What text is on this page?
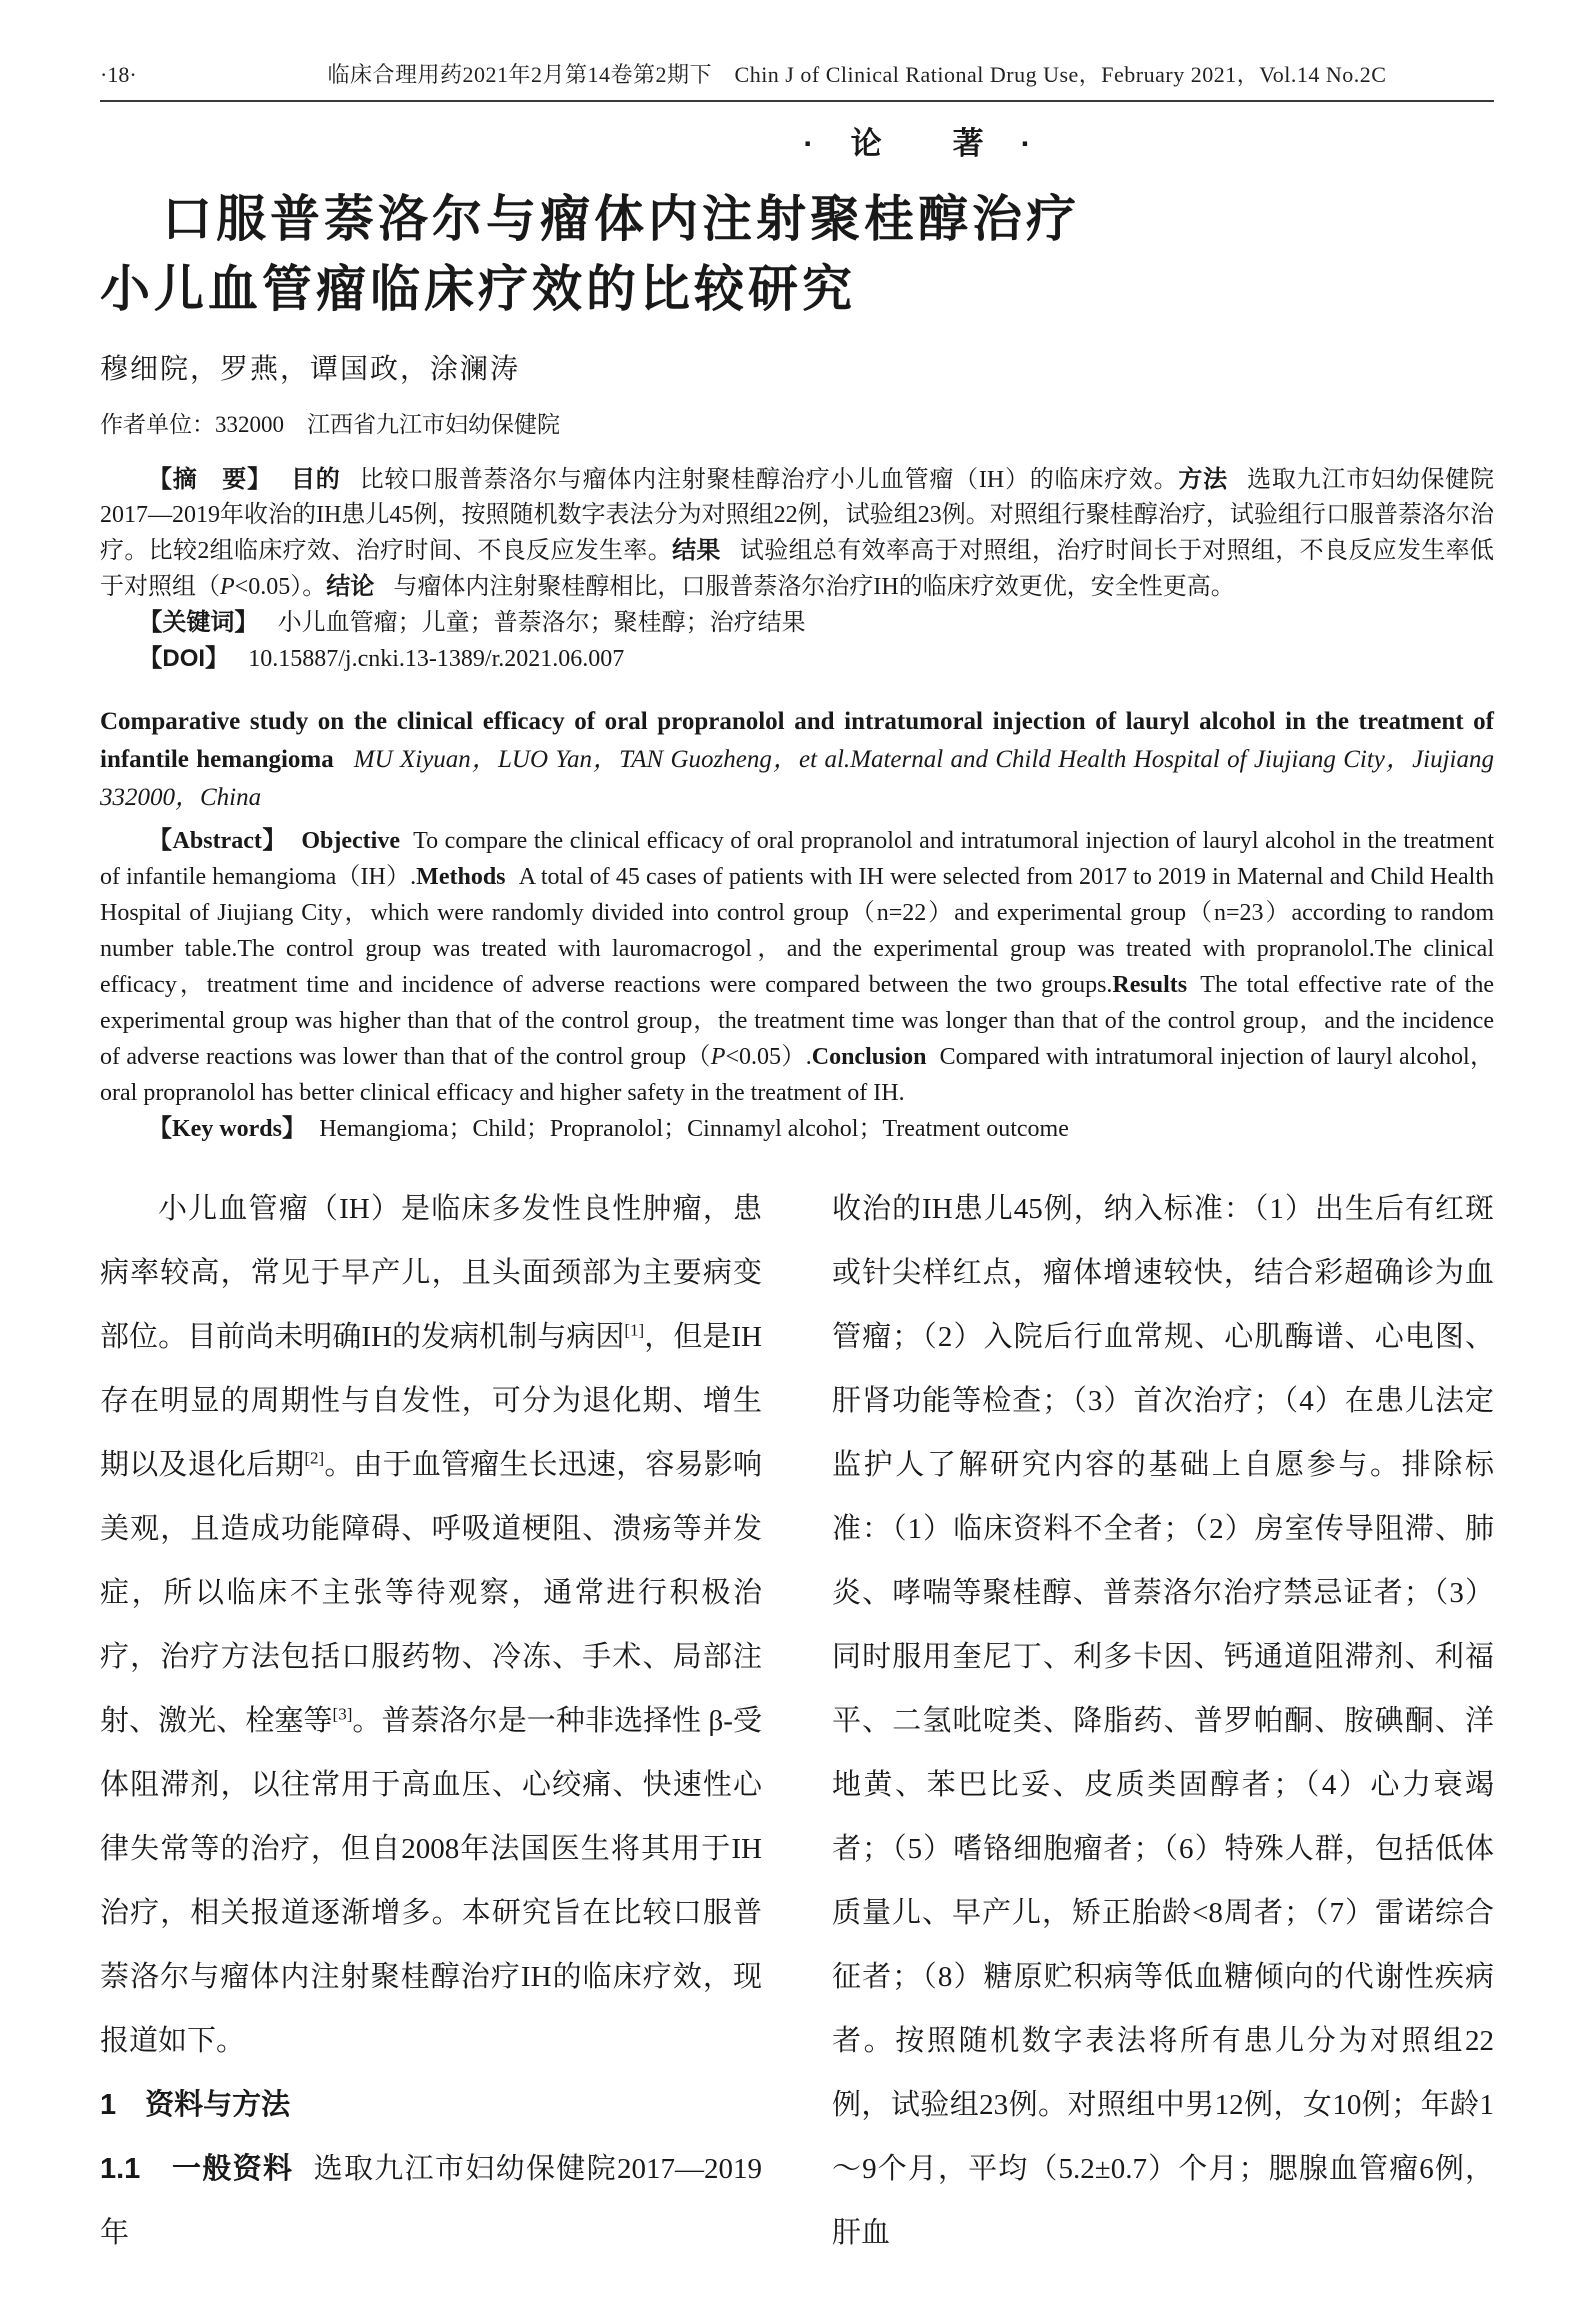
·18·	临床合理用药2021年2月第14卷第2期下　Chin J of Clinical Rational Drug Use，February 2021，Vol.14 No.2C
·　论　　著　·
口服普萘洛尔与瘤体内注射聚桂醇治疗
小儿血管瘤临床疗效的比较研究
穆细院，罗燕，谭国政，涂澜涛
作者单位：332000　江西省九江市妇幼保健院

【摘　要】 目的 比较口服普萘洛尔与瘤体内注射聚桂醇治疗小儿血管瘤（IH）的临床疗效。方法 选取九江市妇幼保健院2017—2019年收治的IH患儿45例，按照随机数字表法分为对照组22例，试验组23例。对照组行聚桂醇治疗，试验组行口服普萘洛尔治疗。比较2组临床疗效、治疗时间、不良反应发生率。结果 试验组总有效率高于对照组，治疗时间长于对照组，不良反应发生率低于对照组（P<0.05）。结论 与瘤体内注射聚桂醇相比，口服普萘洛尔治疗IH的临床疗效更优，安全性更高。

【关键词】 小儿血管瘤；儿童；普萘洛尔；聚桂醇；治疗结果

【DOI】 10.15887/j.cnki.13-1389/r.2021.06.007

Comparative study on the clinical efficacy of oral propranolol and intratumoral injection of lauryl alcohol in the treatment of infantile hemangioma MU Xiyuan，LUO Yan，TAN Guozheng，et al.Maternal and Child Health Hospital of Jiujiang City，Jiujiang 332000，China

【Abstract】 Objective To compare the clinical efficacy of oral propranolol and intratumoral injection of lauryl alcohol in the treatment of infantile hemangioma（IH）.Methods A total of 45 cases of patients with IH were selected from 2017 to 2019 in Maternal and Child Health Hospital of Jiujiang City，which were randomly divided into control group（n=22）and experimental group（n=23）according to random number table.The control group was treated with lauromacrogol，and the experimental group was treated with propranolol.The clinical efficacy，treatment time and incidence of adverse reactions were compared between the two groups.Results The total effective rate of the experimental group was higher than that of the control group，the treatment time was longer than that of the control group，and the incidence of adverse reactions was lower than that of the control group（P<0.05）.Conclusion Compared with intratumoral injection of lauryl alcohol，oral propranolol has better clinical efficacy and higher safety in the treatment of IH.

【Key words】 Hemangioma；Child；Propranolol；Cinnamyl alcohol；Treatment outcome

小儿血管瘤（IH）是临床多发性良性肿瘤，患病率较高，常见于早产儿，且头面颈部为主要病变部位。目前尚未明确IH的发病机制与病因[1]，但是IH存在明显的周期性与自发性，可分为退化期、增生期以及退化后期[2]。由于血管瘤生长迅速，容易影响美观，且造成功能障碍、呼吸道梗阻、溃疡等并发症，所以临床不主张等待观察，通常进行积极治疗，治疗方法包括口服药物、冷冻、手术、局部注射、激光、栓塞等[3]。普萘洛尔是一种非选择性 β-受体阻滞剂，以往常用于高血压、心绞痛、快速性心律失常等的治疗，但自2008年法国医生将其用于IH治疗，相关报道逐渐增多。本研究旨在比较口服普萘洛尔与瘤体内注射聚桂醇治疗IH的临床疗效，现报道如下。

1　资料与方法

1.1　一般资料 选取九江市妇幼保健院2017—2019年

收治的IH患儿45例，纳入标准：（1）出生后有红斑或针尖样红点，瘤体增速较快，结合彩超确诊为血管瘤；（2）入院后行血常规、心肌酶谱、心电图、肝肾功能等检查；（3）首次治疗；（4）在患儿法定监护人了解研究内容的基础上自愿参与。排除标准：（1）临床资料不全者；（2）房室传导阻滞、肺炎、哮喘等聚桂醇、普萘洛尔治疗禁忌证者；（3）同时服用奎尼丁、利多卡因、钙通道阻滞剂、利福平、二氢吡啶类、降脂药、普罗帕酮、胺碘酮、洋地黄、苯巴比妥、皮质类固醇者；（4）心力衰竭者；（5）嗜铬细胞瘤者；（6）特殊人群，包括低体质量儿、早产儿，矫正胎龄<8周者；（7）雷诺综合征者；（8）糖原贮积病等低血糖倾向的代谢性疾病者。按照随机数字表法将所有患儿分为对照组22例，试验组23例。对照组中男12例，女10例；年龄1～9个月，平均（5.2±0.7）个月；腮腺血管瘤6例，肝血
